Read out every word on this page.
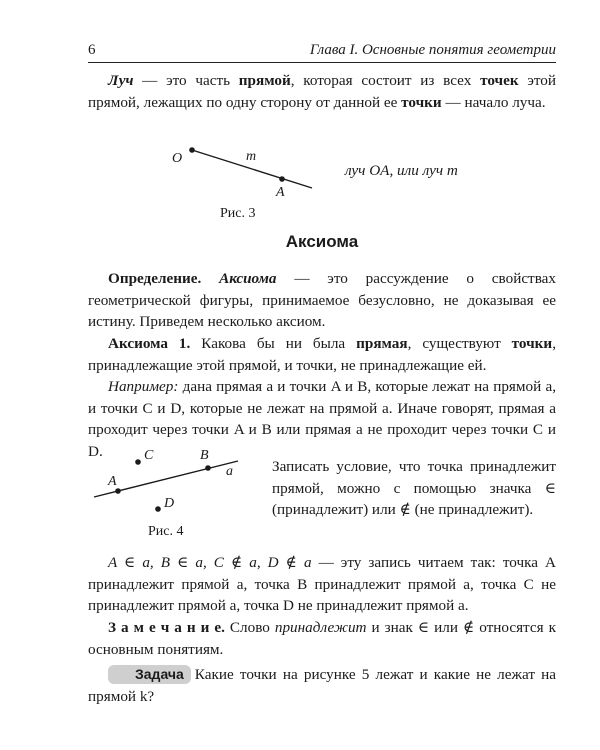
6	Глава I. Основные понятия геометрии

Луч — это часть прямой, которая состоит из всех точек этой прямой, лежащих по одну сторону от данной ее точки — начало луча.

O
A
m
Рис. 3
луч OA, или луч m
Аксиома

Определение. Аксиома — это рассуждение о свойствах геометрической фигуры, принимаемое безусловно, не доказывая ее истину. Приведем несколько аксиом.

Аксиома 1. Какова бы ни была прямая, существуют точки, принадлежащие этой прямой, и точки, не принадлежащие ей.

Например: дана прямая a и точки A и B, которые лежат на прямой a, и точки C и D, которые не лежат на прямой a. Иначе говорят, прямая a проходит через точки A и B или прямая a не проходит через точки C и D.

A
B
C
D
a
Рис. 4
Записать условие, что точка принадлежит прямой, можно с помощью значка ∈ (принадлежит) или ∉ (не принадлежит).

A ∈ a, B ∈ a, C ∉ a, D ∉ a — эту запись читаем так: точка A принадлежит прямой a, точка B принадлежит прямой a, точка C не принадлежит прямой a, точка D не принадлежит прямой a.

З а м е ч а н и е. Слово принадлежит и знак ∈ или ∉ относятся к основным понятиям.

Задача Какие точки на рисунке 5 лежат и какие не лежат на прямой k?
